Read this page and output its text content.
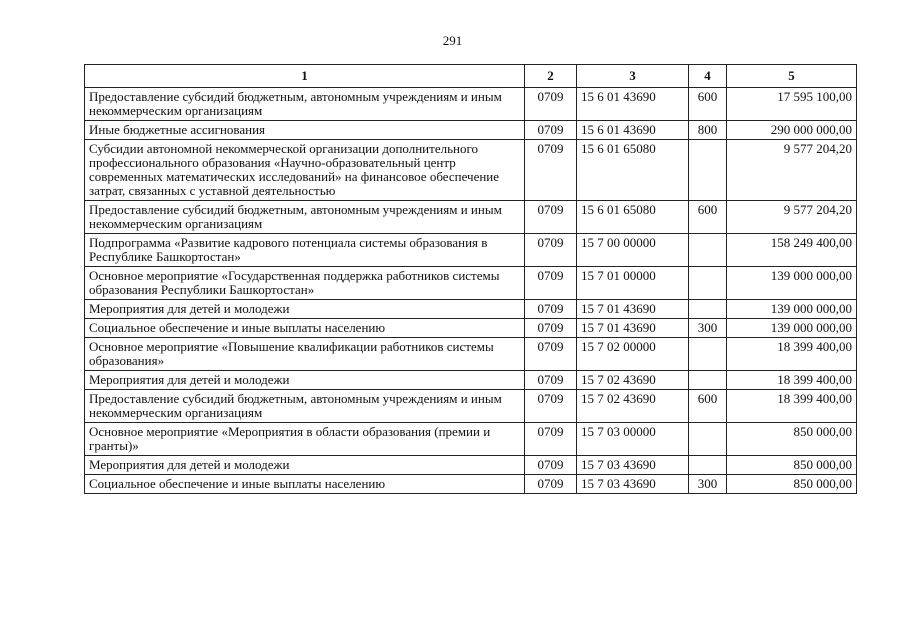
291
1	2	3	4	5
Предоставление субсидий бюджетным, автономным учреждениям и иным некоммерческим организациям	0709	15 6 01 43690	600	17 595 100,00
Иные бюджетные ассигнования	0709	15 6 01 43690	800	290 000 000,00
Субсидии автономной некоммерческой организации дополнительного профессионального образования «Научно-образовательный центр современных математических исследований» на финансовое обеспечение затрат, связанных с уставной деятельностью	0709	15 6 01 65080		9 577 204,20
Предоставление субсидий бюджетным, автономным учреждениям и иным некоммерческим организациям	0709	15 6 01 65080	600	9 577 204,20
Подпрограмма «Развитие кадрового потенциала системы образования в Республике Башкортостан»	0709	15 7 00 00000		158 249 400,00
Основное мероприятие «Государственная поддержка работников системы образования Республики Башкортостан»	0709	15 7 01 00000		139 000 000,00
Мероприятия для детей и молодежи	0709	15 7 01 43690		139 000 000,00
Социальное обеспечение и иные выплаты населению	0709	15 7 01 43690	300	139 000 000,00
Основное мероприятие «Повышение квалификации работников системы образования»	0709	15 7 02 00000		18 399 400,00
Мероприятия для детей и молодежи	0709	15 7 02 43690		18 399 400,00
Предоставление субсидий бюджетным, автономным учреждениям и иным некоммерческим организациям	0709	15 7 02 43690	600	18 399 400,00
Основное мероприятие «Мероприятия в области образования (премии и гранты)»	0709	15 7 03 00000		850 000,00
Мероприятия для детей и молодежи	0709	15 7 03 43690		850 000,00
Социальное обеспечение и иные выплаты населению	0709	15 7 03 43690	300	850 000,00
